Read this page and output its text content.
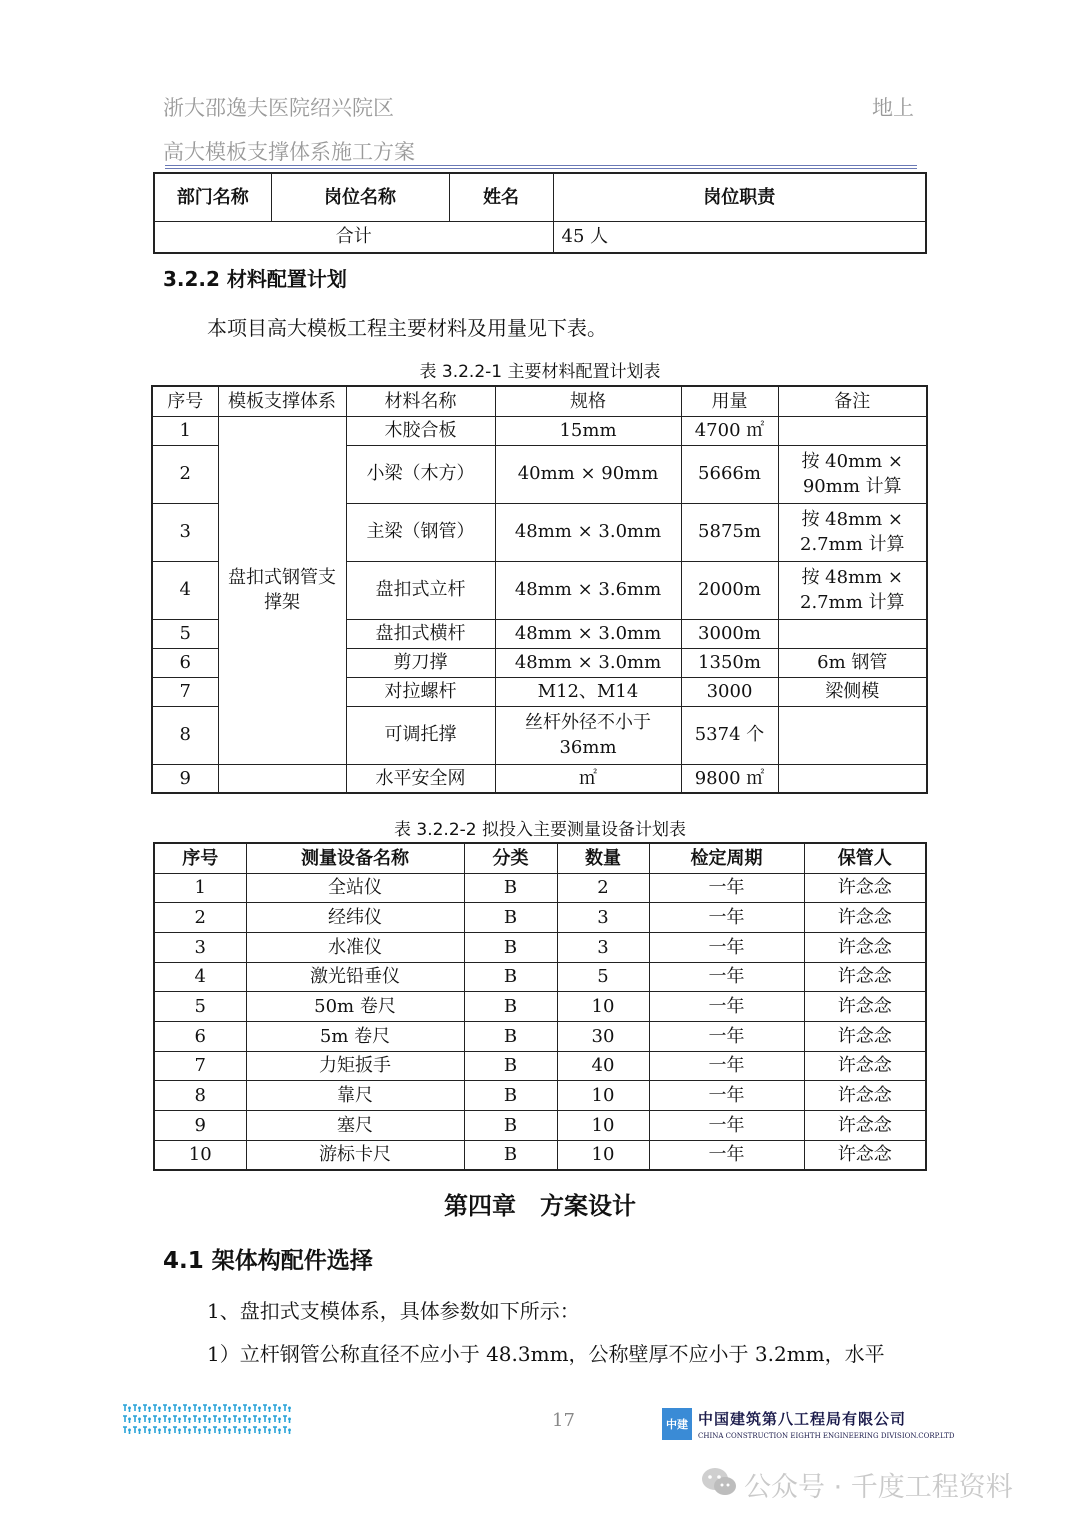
浙大邵逸夫医院绍兴院区	地上
高大模板支撑体系施工方案
部门名称	岗位名称	姓名	岗位职责
合计			45 人
3.2.2 材料配置计划
本项目高大模板工程主要材料及用量见下表。
表 3.2.2-1 主要材料配置计划表
序号	模板支撑体系	材料名称	规格	用量	备注
1	盘扣式钢管支撑架	木胶合板	15mm	4700 ㎡	
2		小梁（木方）	40mm × 90mm	5666m	按 40mm × 90mm 计算
3		主梁（钢管）	48mm × 3.0mm	5875m	按 48mm × 2.7mm 计算
4		盘扣式立杆	48mm × 3.6mm	2000m	按 48mm × 2.7mm 计算
5		盘扣式横杆	48mm × 3.0mm	3000m	
6		剪刀撑	48mm × 3.0mm	1350m	6m 钢管
7		对拉螺杆	M12、M14	3000	梁侧模
8		可调托撑	丝杆外径不小于 36mm	5374 个	
9		水平安全网	㎡	9800 ㎡	
表 3.2.2-2 拟投入主要测量设备计划表
序号	测量设备名称	分类	数量	检定周期	保管人
1	全站仪	B	2	一年	许念念
2	经纬仪	B	3	一年	许念念
3	水准仪	B	3	一年	许念念
4	激光铅垂仪	B	5	一年	许念念
5	50m 卷尺	B	10	一年	许念念
6	5m 卷尺	B	30	一年	许念念
7	力矩扳手	B	40	一年	许念念
8	靠尺	B	10	一年	许念念
9	塞尺	B	10	一年	许念念
10	游标卡尺	B	10	一年	许念念
第四章　方案设计
4.1 架体构配件选择
1、盘扣式支模体系，具体参数如下所示：
1）立杆钢管公称直径不应小于 48.3mm，公称壁厚不应小于 3.2mm，水平
17	中建 中国建筑第八工程局有限公司
CHINA CONSTRUCTION EIGHTH ENGINEERING DIVISION.CORP.LTD
公众号 · 千度工程资料
